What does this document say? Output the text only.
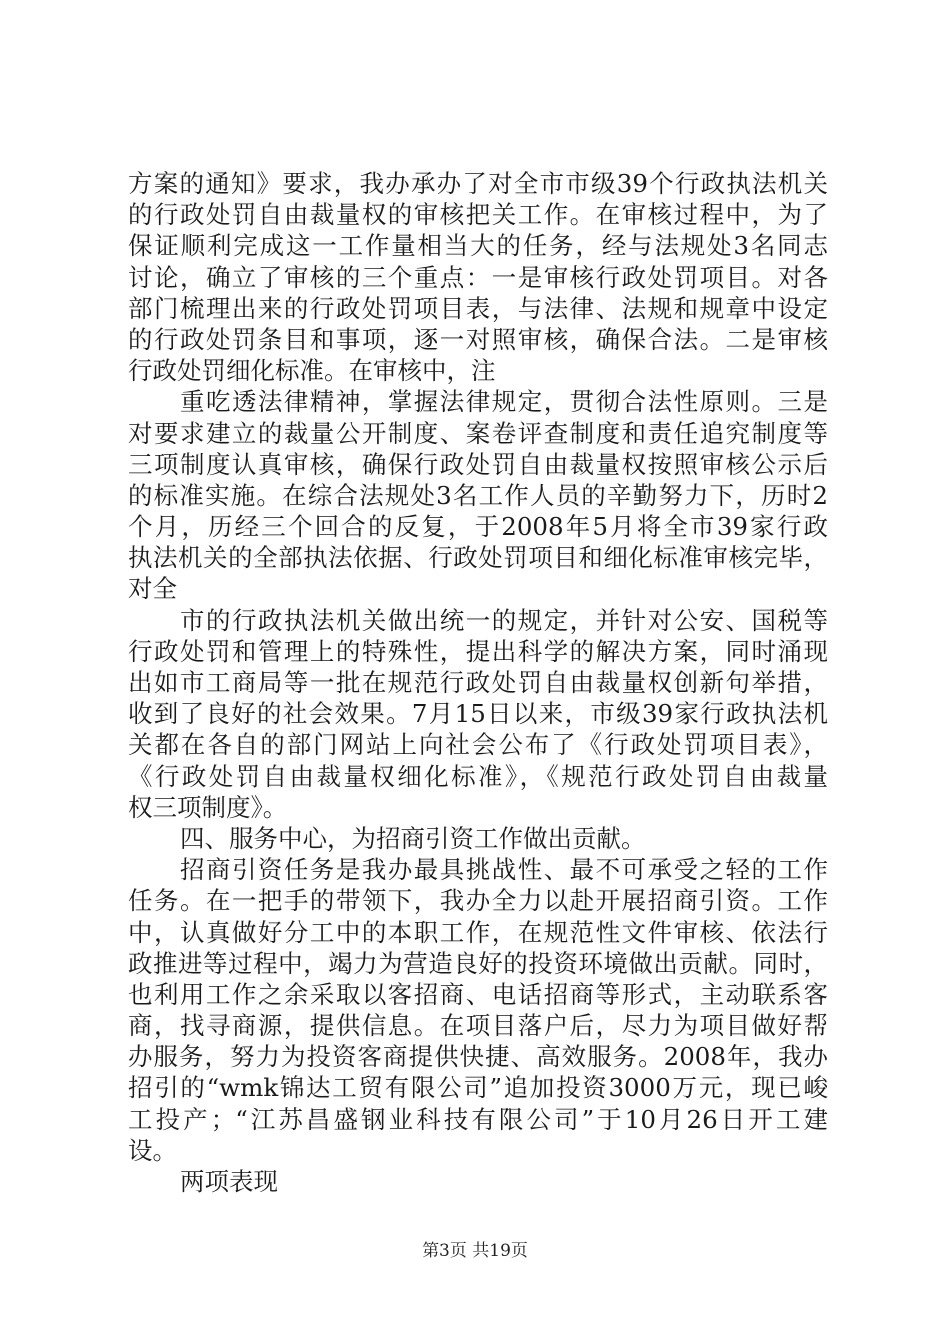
方案的通知》要求，我办承办了对全市市级39个行政执法机关
的行政处罚自由裁量权的审核把关工作。在审核过程中，为了
保证顺利完成这一工作量相当大的任务，经与法规处3名同志
讨论，确立了审核的三个重点：一是审核行政处罚项目。对各
部门梳理出来的行政处罚项目表，与法律、法规和规章中设定
的行政处罚条目和事项，逐一对照审核，确保合法。二是审核
行政处罚细化标准。在审核中，注
重吃透法律精神，掌握法律规定，贯彻合法性原则。三是
对要求建立的裁量公开制度、案卷评查制度和责任追究制度等
三项制度认真审核，确保行政处罚自由裁量权按照审核公示后
的标准实施。在综合法规处3名工作人员的辛勤努力下，历时2
个月，历经三个回合的反复，于2008年5月将全市39家行政
执法机关的全部执法依据、行政处罚项目和细化标准审核完毕，
对全
市的行政执法机关做出统一的规定，并针对公安、国税等
行政处罚和管理上的特殊性，提出科学的解决方案，同时涌现
出如市工商局等一批在规范行政处罚自由裁量权创新句举措，
收到了良好的社会效果。7月15日以来，市级39家行政执法机
关都在各自的部门网站上向社会公布了《行政处罚项目表》，
《行政处罚自由裁量权细化标准》，《规范行政处罚自由裁量
权三项制度》。
四、服务中心，为招商引资工作做出贡献。
招商引资任务是我办最具挑战性、最不可承受之轻的工作
任务。在一把手的带领下，我办全力以赴开展招商引资。工作
中，认真做好分工中的本职工作，在规范性文件审核、依法行
政推进等过程中，竭力为营造良好的投资环境做出贡献。同时，
也利用工作之余采取以客招商、电话招商等形式，主动联系客
商，找寻商源，提供信息。在项目落户后，尽力为项目做好帮
办服务，努力为投资客商提供快捷、高效服务。2008年，我办
招引的“wmk锦达工贸有限公司”追加投资3000万元，现已峻
工投产；“江苏昌盛钢业科技有限公司”于10月26日开工建
设。
两项表现
第3页 共19页
